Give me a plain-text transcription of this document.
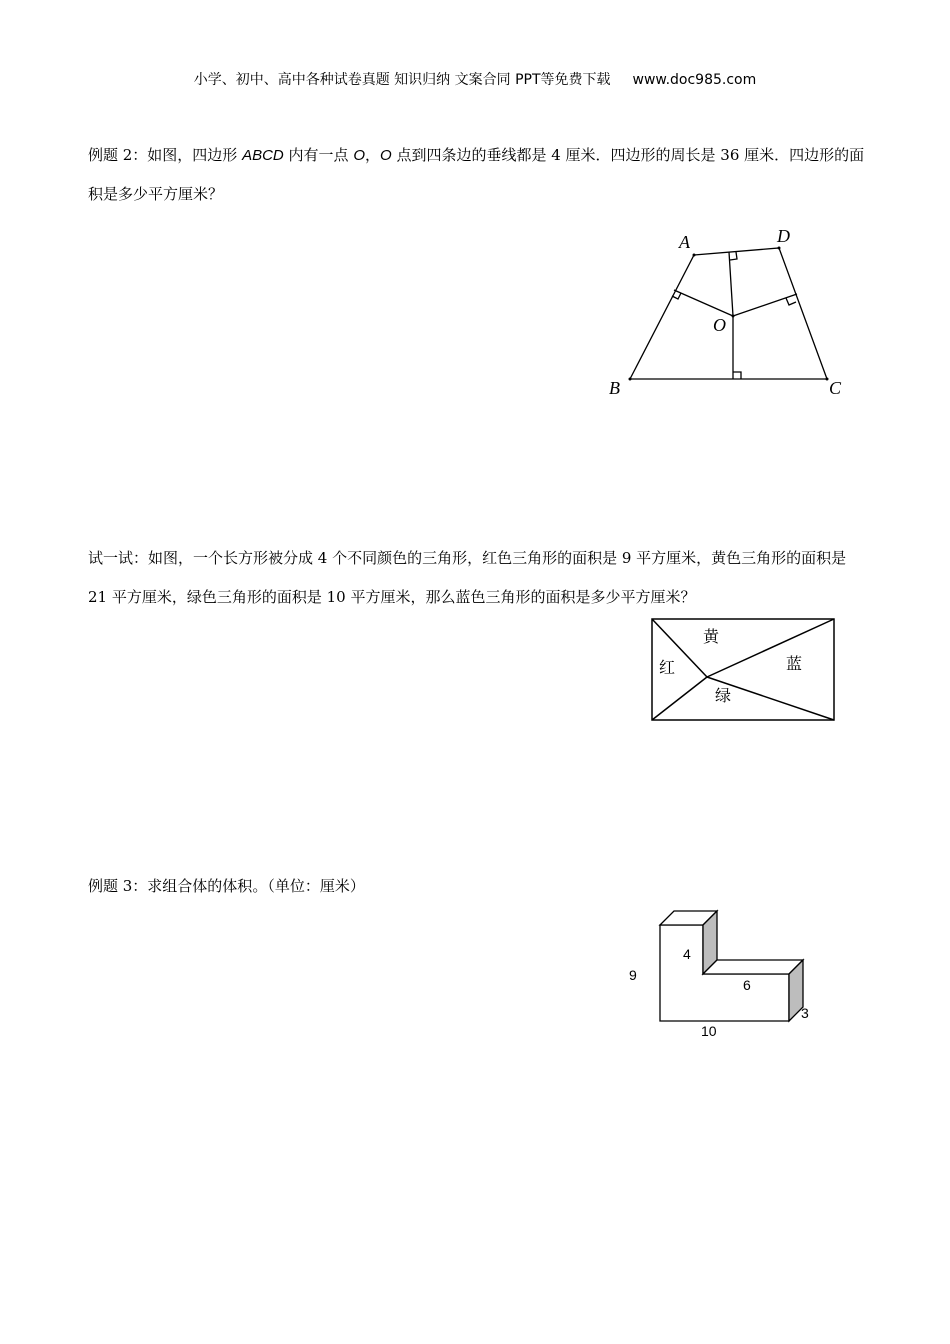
小学、初中、高中各种试卷真题 知识归纳 文案合同 PPT等免费下载 www.doc985.com
例题 2：如图，四边形 ABCD 内有一点 O，O 点到四条边的垂线都是 4 厘米．四边形的周长是 36 厘米．四边形的面积是多少平方厘米？
A	D
O
B	C
黄
红	蓝
绿
9
4
6
3
10
试一试：如图，一个长方形被分成 4 个不同颜色的三角形，红色三角形的面积是 9 平方厘米，黄色三角形的面积是 21 平方厘米，绿色三角形的面积是 10 平方厘米，那么蓝色三角形的面积是多少平方厘米？
例题 3：求组合体的体积。（单位：厘米）
